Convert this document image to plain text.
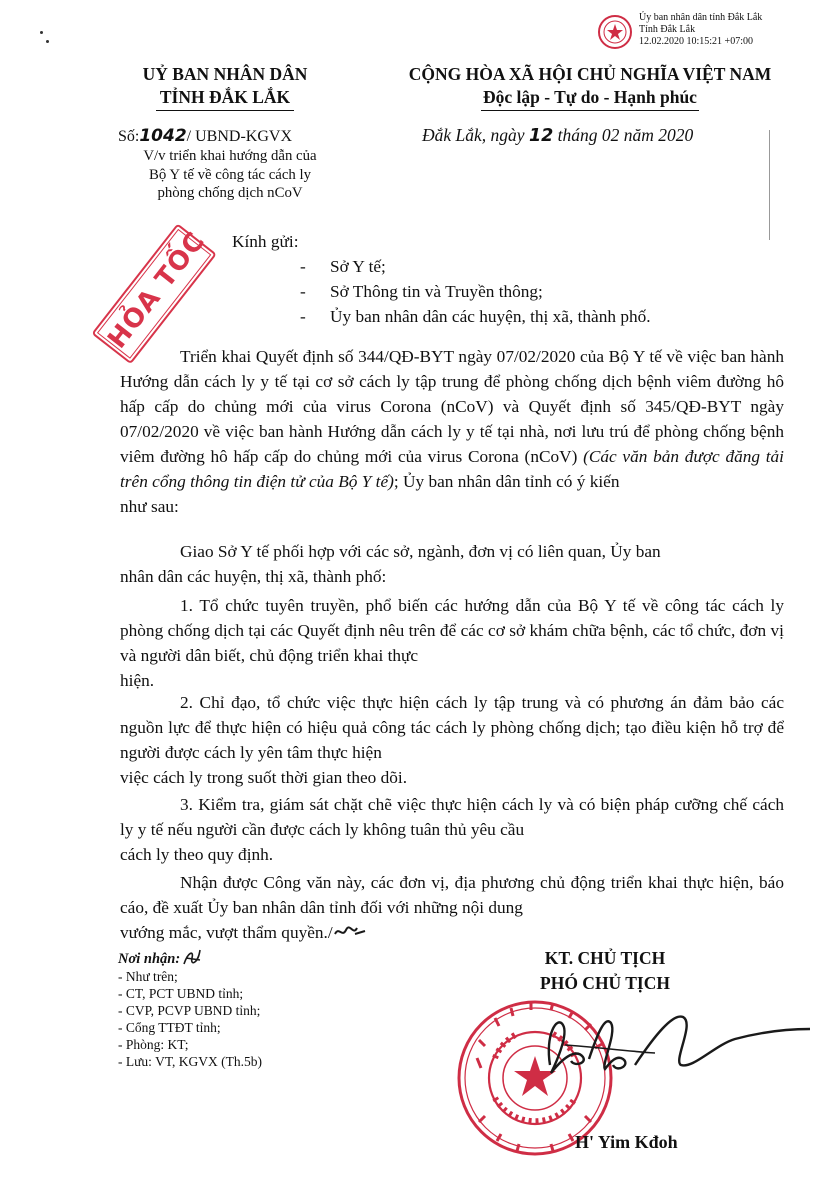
Ủy ban nhân dân tỉnh Đắk Lắk
Tỉnh Đắk Lắk
12.02.2020 10:15:21 +07:00
UỶ BAN NHÂN DÂN
TỈNH ĐẮK LẮK
CỘNG HÒA XÃ HỘI CHỦ NGHĨA VIỆT NAM
Độc lập - Tự do - Hạnh phúc
Số:1042/ UBND-KGVX
V/v triển khai hướng dẫn của
Bộ Y tế về công tác cách ly
phòng chống dịch nCoV
Đắk Lắk, ngày 12 tháng 02 năm 2020
HỎA TỐC Kính gửi:
- Sở Y tế;
- Sở Thông tin và Truyền thông;
- Ủy ban nhân dân các huyện, thị xã, thành phố.
Triển khai Quyết định số 344/QĐ-BYT ngày 07/02/2020 của Bộ Y tế về việc ban hành Hướng dẫn cách ly y tế tại cơ sở cách ly tập trung để phòng chống dịch bệnh viêm đường hô hấp cấp do chủng mới của virus Corona (nCoV) và Quyết định số 345/QĐ-BYT ngày 07/02/2020 về việc ban hành Hướng dẫn cách ly y tế tại nhà, nơi lưu trú để phòng chống bệnh viêm đường hô hấp cấp do chủng mới của virus Corona (nCoV) (Các văn bản được đăng tải trên cổng thông tin điện tử của Bộ Y tế); Ủy ban nhân dân tỉnh có ý kiến
như sau:
Giao Sở Y tế phối hợp với các sở, ngành, đơn vị có liên quan, Ủy ban
nhân dân các huyện, thị xã, thành phố:
1. Tổ chức tuyên truyền, phổ biến các hướng dẫn của Bộ Y tế về công tác cách ly phòng chống dịch tại các Quyết định nêu trên để các cơ sở khám chữa bệnh, các tổ chức, đơn vị và người dân biết, chủ động triển khai thực
hiện.
2. Chỉ đạo, tổ chức việc thực hiện cách ly tập trung và có phương án đảm bảo các nguồn lực để thực hiện có hiệu quả công tác cách ly phòng chống dịch; tạo điều kiện hỗ trợ để người được cách ly yên tâm thực hiện
việc cách ly trong suốt thời gian theo dõi.
3. Kiểm tra, giám sát chặt chẽ việc thực hiện cách ly và có biện pháp cưỡng chế cách ly y tế nếu người cần được cách ly không tuân thủ yêu cầu
cách ly theo quy định.
Nhận được Công văn này, các đơn vị, địa phương chủ động triển khai thực hiện, báo cáo, đề xuất Ủy ban nhân dân tỉnh đối với những nội dung
vướng mắc, vượt thẩm quyền./
Nơi nhận:
- Như trên;
- CT, PCT UBND tỉnh;
- CVP, PCVP UBND tỉnh;
- Cổng TTĐT tỉnh;
- Phòng: KT;
- Lưu: VT, KGVX (Th.5b)
KT. CHỦ TỊCH
PHÓ CHỦ TỊCH
H' Yim Kđoh
